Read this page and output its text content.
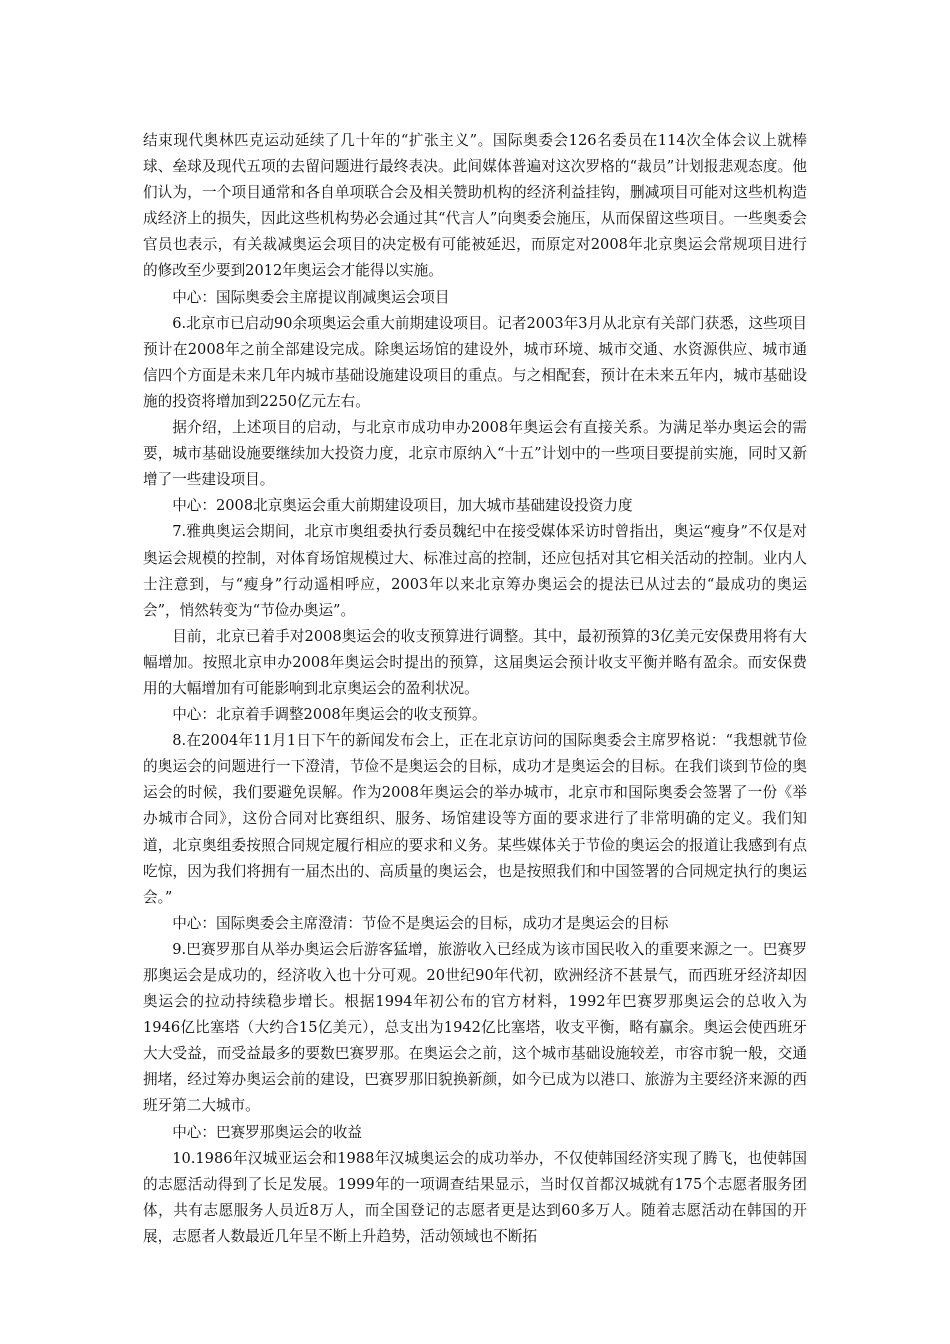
结束现代奥林匹克运动延续了几十年的“扩张主义”。国际奥委会126名委员在114次全体会议上就棒球、垒球及现代五项的去留问题进行最终表决。此间媒体普遍对这次罗格的“裁员”计划报悲观态度。他们认为，一个项目通常和各自单项联合会及相关赞助机构的经济利益挂钩，删减项目可能对这些机构造成经济上的损失，因此这些机构势必会通过其“代言人”向奥委会施压，从而保留这些项目。一些奥委会官员也表示，有关裁减奥运会项目的决定极有可能被延迟，而原定对2008年北京奥运会常规项目进行的修改至少要到2012年奥运会才能得以实施。

中心：国际奥委会主席提议削减奥运会项目

6.北京市已启动90余项奥运会重大前期建设项目。记者2003年3月从北京有关部门获悉，这些项目预计在2008年之前全部建设完成。除奥运场馆的建设外，城市环境、城市交通、水资源供应、城市通信四个方面是未来几年内城市基础设施建设项目的重点。与之相配套，预计在未来五年内，城市基础设施的投资将增加到2250亿元左右。

据介绍，上述项目的启动，与北京市成功申办2008年奥运会有直接关系。为满足举办奥运会的需要，城市基础设施要继续加大投资力度，北京市原纳入“十五”计划中的一些项目要提前实施，同时又新增了一些建设项目。

中心：2008北京奥运会重大前期建设项目，加大城市基础建设投资力度

7.雅典奥运会期间，北京市奥组委执行委员魏纪中在接受媒体采访时曾指出，奥运“瘦身”不仅是对奥运会规模的控制，对体育场馆规模过大、标准过高的控制，还应包括对其它相关活动的控制。业内人士注意到，与“瘦身”行动遥相呼应，2003年以来北京筹办奥运会的提法已从过去的“最成功的奥运会”，悄然转变为“节俭办奥运”。

目前，北京已着手对2008奥运会的收支预算进行调整。其中，最初预算的3亿美元安保费用将有大幅增加。按照北京申办2008年奥运会时提出的预算，这届奥运会预计收支平衡并略有盈余。而安保费用的大幅增加有可能影响到北京奥运会的盈利状况。

中心：北京着手调整2008年奥运会的收支预算。

8.在2004年11月1日下午的新闻发布会上，正在北京访问的国际奥委会主席罗格说：“我想就节俭的奥运会的问题进行一下澄清，节俭不是奥运会的目标，成功才是奥运会的目标。在我们谈到节俭的奥运会的时候，我们要避免误解。作为2008年奥运会的举办城市，北京市和国际奥委会签署了一份《举办城市合同》，这份合同对比赛组织、服务、场馆建设等方面的要求进行了非常明确的定义。我们知道，北京奥组委按照合同规定履行相应的要求和义务。某些媒体关于节俭的奥运会的报道让我感到有点吃惊，因为我们将拥有一届杰出的、高质量的奥运会，也是按照我们和中国签署的合同规定执行的奥运会。”

中心：国际奥委会主席澄清：节俭不是奥运会的目标，成功才是奥运会的目标

9.巴赛罗那自从举办奥运会后游客猛增，旅游收入已经成为该市国民收入的重要来源之一。巴赛罗那奥运会是成功的，经济收入也十分可观。20世纪90年代初，欧洲经济不甚景气，而西班牙经济却因奥运会的拉动持续稳步增长。根据1994年初公布的官方材料，1992年巴赛罗那奥运会的总收入为1946亿比塞塔（大约合15亿美元），总支出为1942亿比塞塔，收支平衡，略有赢余。奥运会使西班牙大大受益，而受益最多的要数巴赛罗那。在奥运会之前，这个城市基础设施较差，市容市貌一般，交通拥堵，经过筹办奥运会前的建设，巴赛罗那旧貌换新颜，如今已成为以港口、旅游为主要经济来源的西班牙第二大城市。

中心：巴赛罗那奥运会的收益

10.1986年汉城亚运会和1988年汉城奥运会的成功举办，不仅使韩国经济实现了腾飞，也使韩国的志愿活动得到了长足发展。1999年的一项调查结果显示，当时仅首都汉城就有175个志愿者服务团体，共有志愿服务人员近8万人，而全国登记的志愿者更是达到60多万人。随着志愿活动在韩国的开展，志愿者人数最近几年呈不断上升趋势，活动领域也不断拓
